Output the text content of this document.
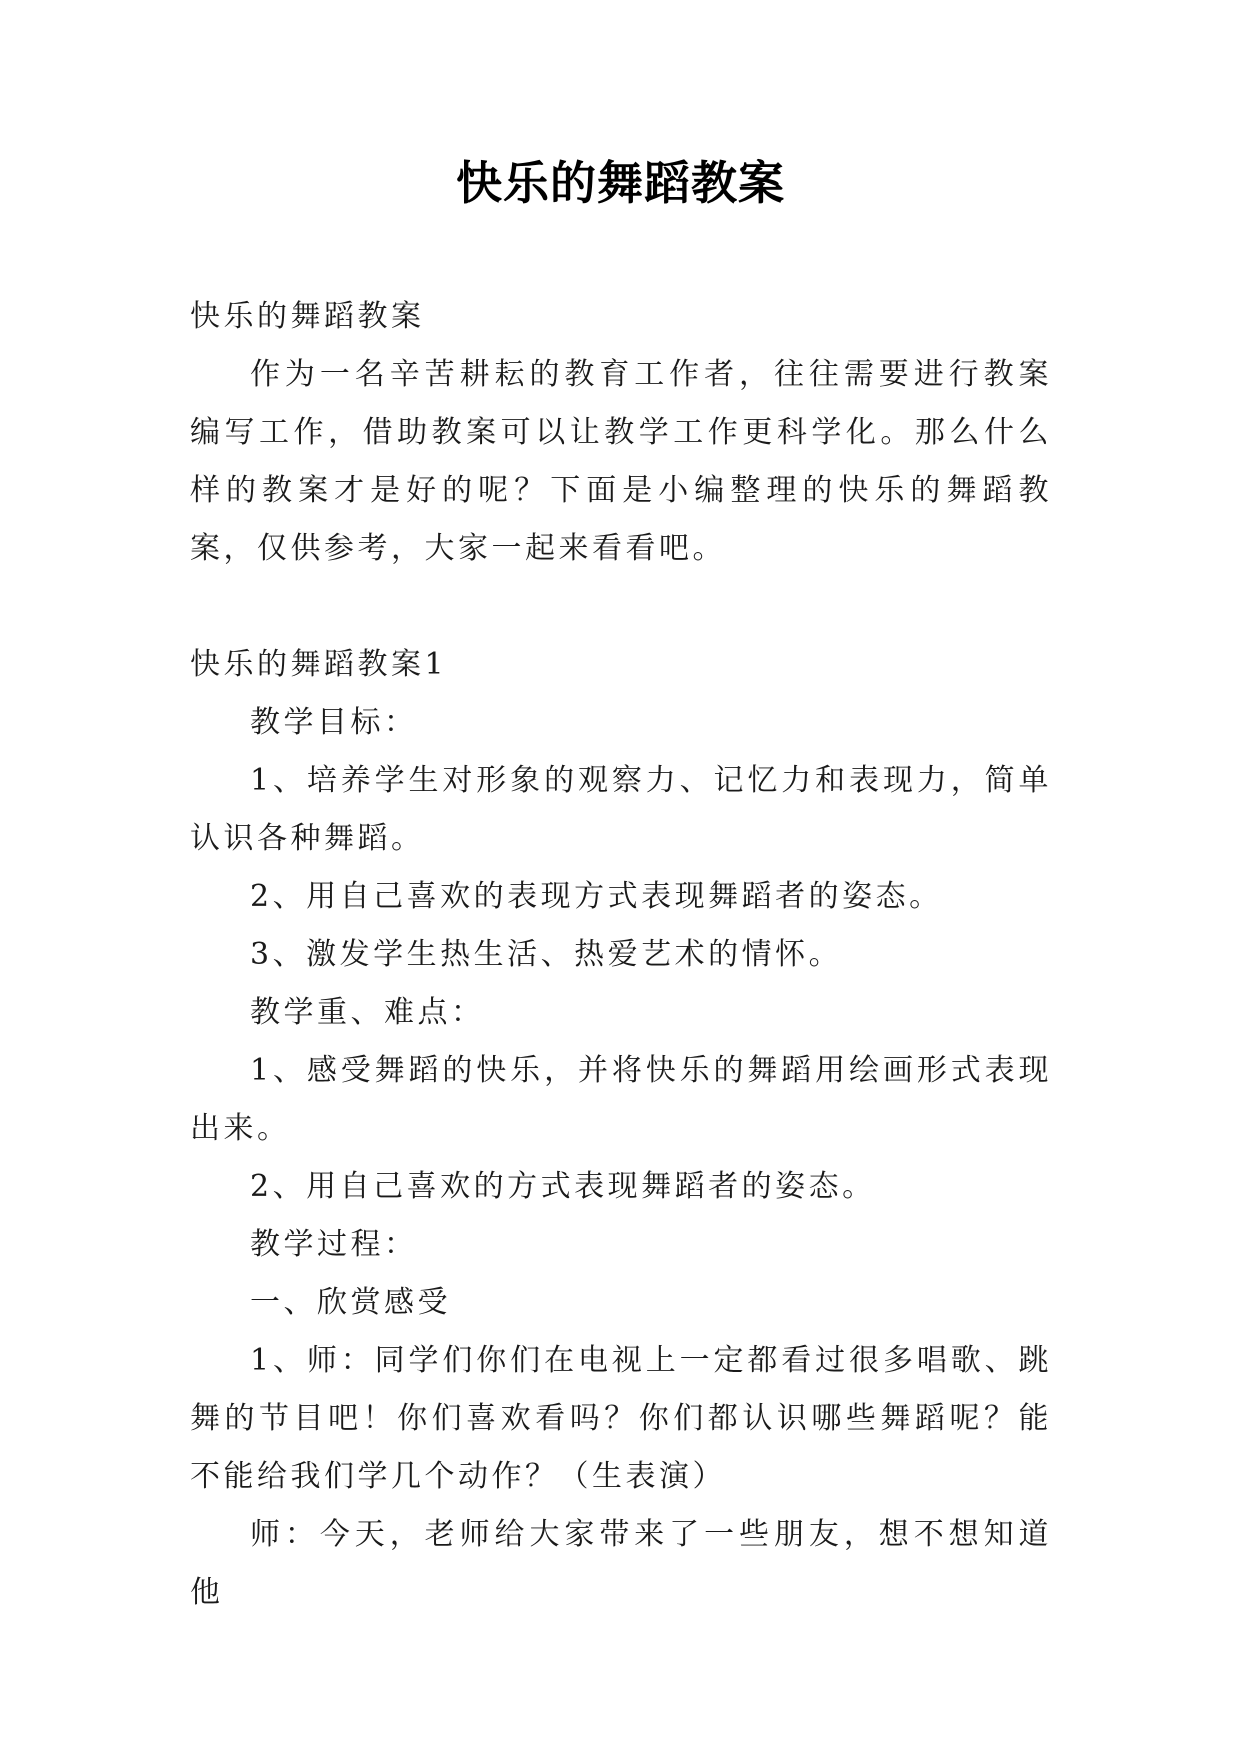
快乐的舞蹈教案

快乐的舞蹈教案

作为一名辛苦耕耘的教育工作者，往往需要进行教案编写工作，借助教案可以让教学工作更科学化。那么什么样的教案才是好的呢？下面是小编整理的快乐的舞蹈教案，仅供参考，大家一起来看看吧。

快乐的舞蹈教案1

教学目标：

1、培养学生对形象的观察力、记忆力和表现力，简单认识各种舞蹈。

2、用自己喜欢的表现方式表现舞蹈者的姿态。

3、激发学生热生活、热爱艺术的情怀。

教学重、难点：

1、感受舞蹈的快乐，并将快乐的舞蹈用绘画形式表现出来。

2、用自己喜欢的方式表现舞蹈者的姿态。

教学过程：

一、欣赏感受

1、师：同学们你们在电视上一定都看过很多唱歌、跳舞的节目吧！你们喜欢看吗？你们都认识哪些舞蹈呢？能不能给我们学几个动作？（生表演）

师：今天，老师给大家带来了一些朋友，想不想知道他
